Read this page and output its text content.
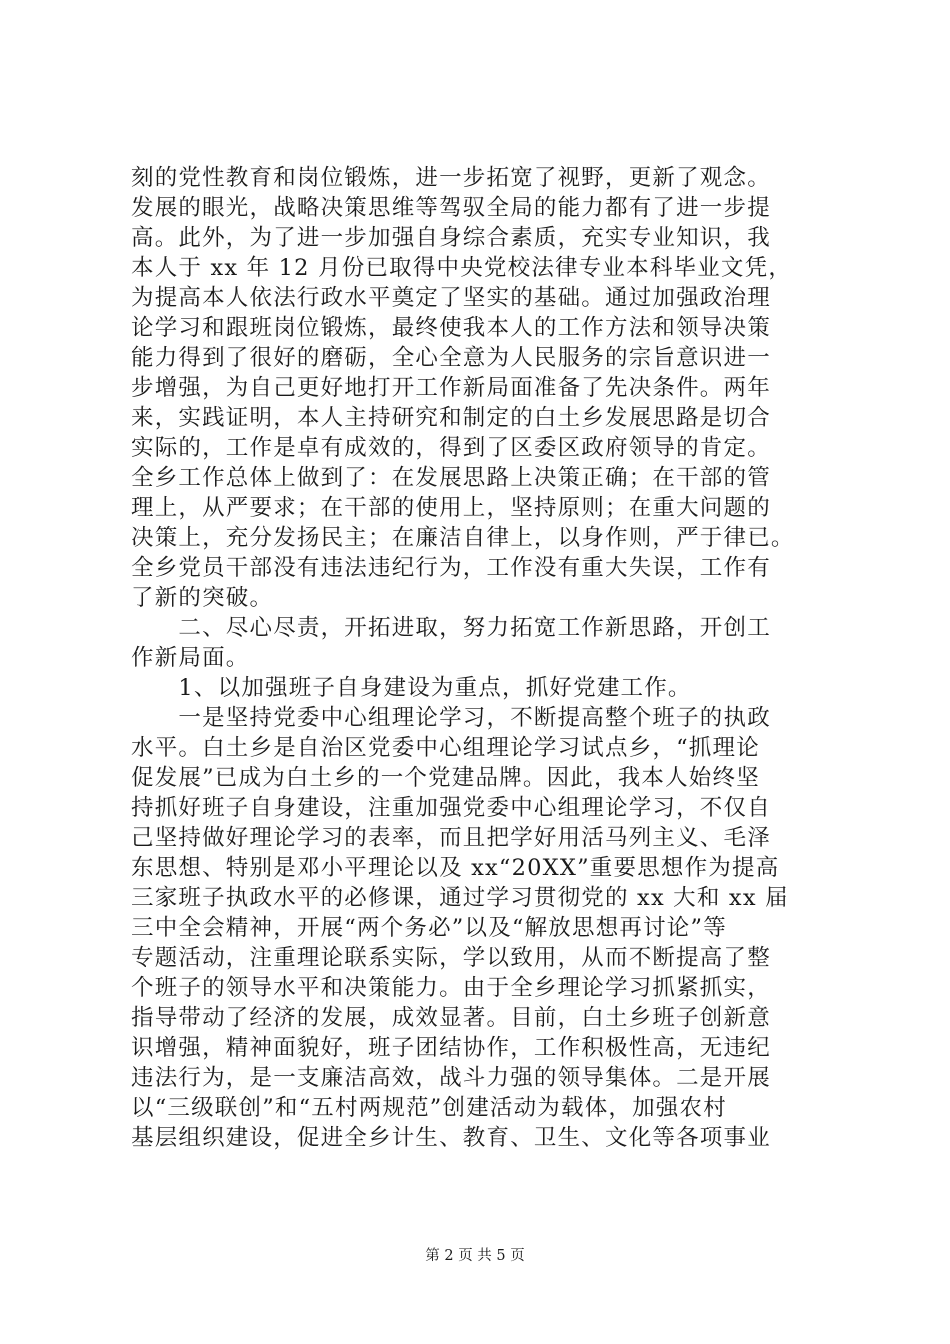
刻的党性教育和岗位锻炼，进一步拓宽了视野，更新了观念。
发展的眼光，战略决策思维等驾驭全局的能力都有了进一步提
高。此外，为了进一步加强自身综合素质，充实专业知识，我
本人于 xx 年 12 月份已取得中央党校法律专业本科毕业文凭，
为提高本人依法行政水平奠定了坚实的基础。通过加强政治理
论学习和跟班岗位锻炼，最终使我本人的工作方法和领导决策
能力得到了很好的磨砺，全心全意为人民服务的宗旨意识进一
步增强，为自己更好地打开工作新局面准备了先决条件。两年
来，实践证明，本人主持研究和制定的白土乡发展思路是切合
实际的，工作是卓有成效的，得到了区委区政府领导的肯定。
全乡工作总体上做到了：在发展思路上决策正确；在干部的管
理上，从严要求；在干部的使用上，坚持原则；在重大问题的
决策上，充分发扬民主；在廉洁自律上，以身作则，严于律已。
全乡党员干部没有违法违纪行为，工作没有重大失误，工作有
了新的突破。
　　二、尽心尽责，开拓进取，努力拓宽工作新思路，开创工
作新局面。
　　1、以加强班子自身建设为重点，抓好党建工作。
　　一是坚持党委中心组理论学习，不断提高整个班子的执政
水平。白土乡是自治区党委中心组理论学习试点乡，“抓理论
促发展”已成为白土乡的一个党建品牌。因此，我本人始终坚
持抓好班子自身建设，注重加强党委中心组理论学习，不仅自
己坚持做好理论学习的表率，而且把学好用活马列主义、毛泽
东思想、特别是邓小平理论以及 xx“20XX”重要思想作为提高
三家班子执政水平的必修课，通过学习贯彻党的 xx 大和 xx 届
三中全会精神，开展“两个务必”以及“解放思想再讨论”等
专题活动，注重理论联系实际，学以致用，从而不断提高了整
个班子的领导水平和决策能力。由于全乡理论学习抓紧抓实，
指导带动了经济的发展，成效显著。目前，白土乡班子创新意
识增强，精神面貌好，班子团结协作，工作积极性高，无违纪
违法行为，是一支廉洁高效，战斗力强的领导集体。二是开展
以“三级联创”和“五村两规范”创建活动为载体，加强农村
基层组织建设，促进全乡计生、教育、卫生、文化等各项事业
第 2 页 共 5 页
